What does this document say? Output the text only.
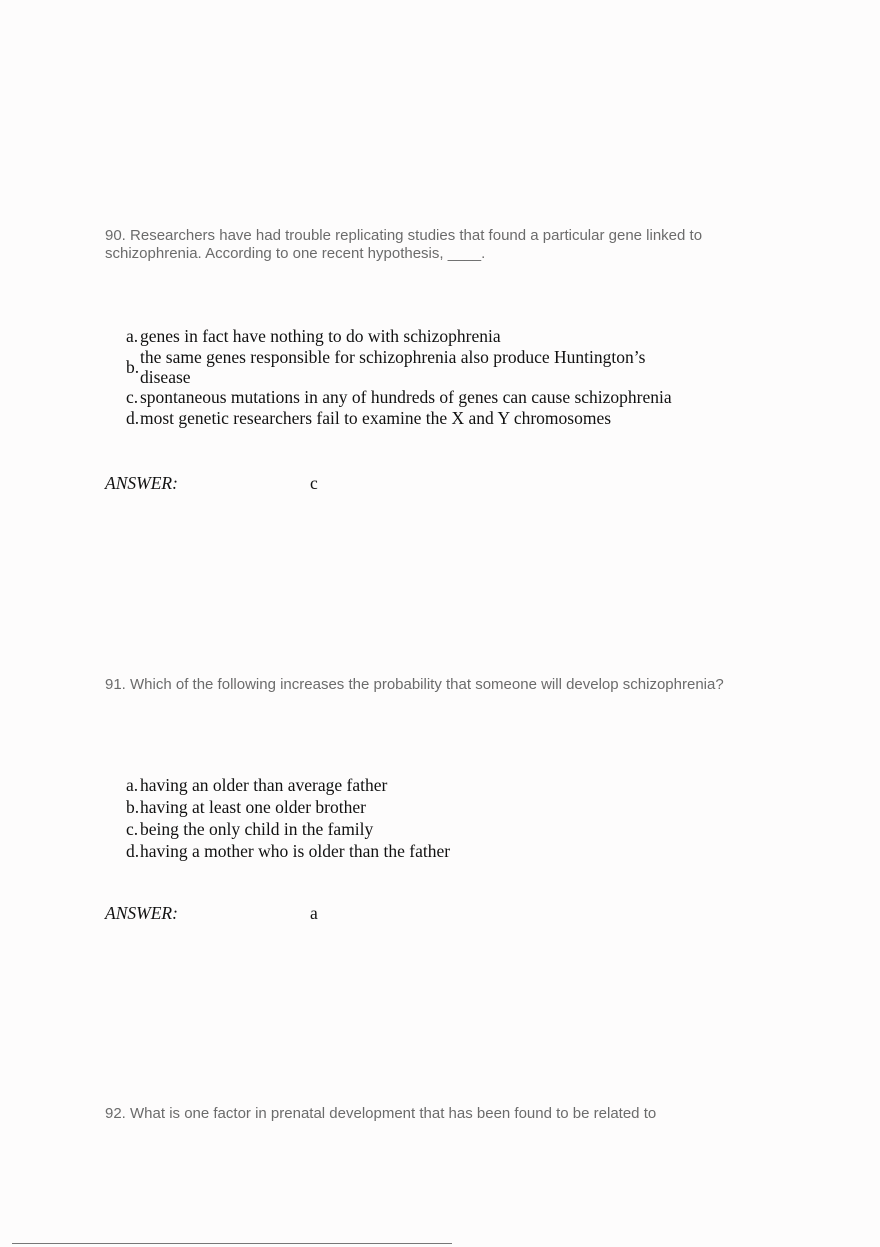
90. Researchers have had trouble replicating studies that found a particular gene linked to schizophrenia. According to one recent hypothesis, ____.
a. genes in fact have nothing to do with schizophrenia
b. the same genes responsible for schizophrenia also produce Huntington’s disease
c. spontaneous mutations in any of hundreds of genes can cause schizophrenia
d. most genetic researchers fail to examine the X and Y chromosomes
ANSWER:	c
91. Which of the following increases the probability that someone will develop schizophrenia?
a. having an older than average father
b. having at least one older brother
c. being the only child in the family
d. having a mother who is older than the father
ANSWER:	a
92. What is one factor in prenatal development that has been found to be related to
